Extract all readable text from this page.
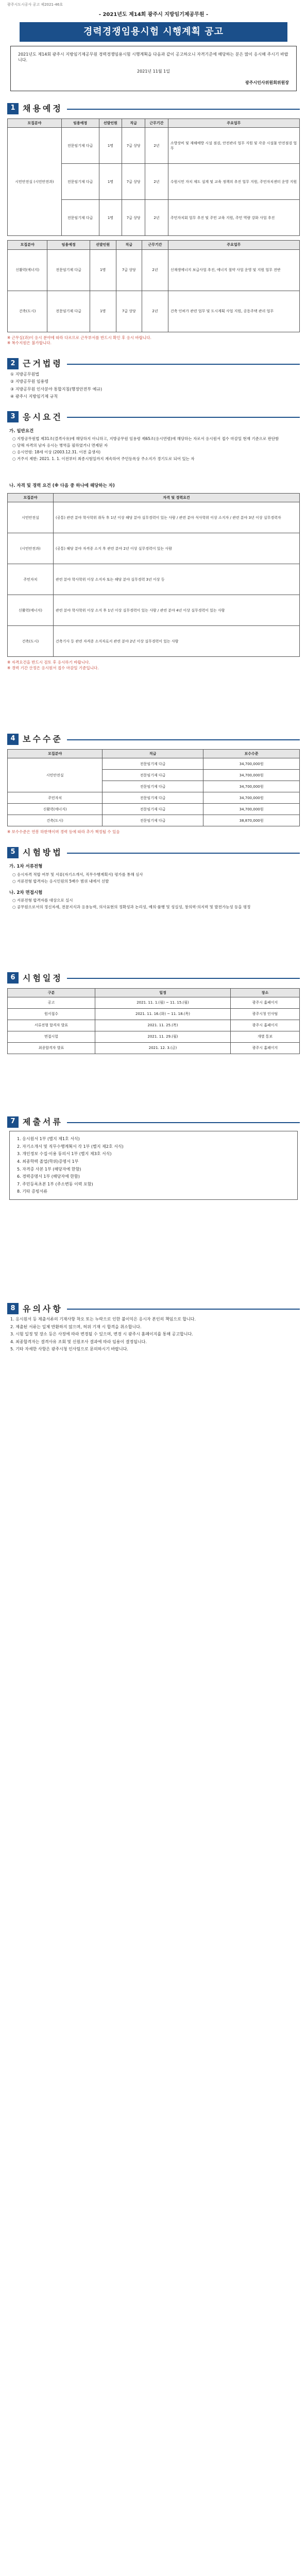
광주시도시공사 공고 제2021-46호
- 2021년도 제14회 광주시 지방임기제공무원 -
경력경쟁임용시험 시행계획 공고
2021년도 제14회 광주시 지방임기제공무원 경력경쟁임용시험 시행계획을 다음과 같이 공고하오니 자격기준에 해당하는 분은 많이 응시해 주시기 바랍니다.
2021년 11월 1일
광주시인사위원회위원장
1 채용예정
모집분야	임용예정	선발인원	직급	근무기간	주요업무
시민안전실 (시민안전과)	전문임기제 다급	1명	7급 상당	2년	소방장비 및 재해예방 시설 점검, 안전관리 업무 지원 및 각종 시설물 안전점검 업무
	전문임기제 다급	1명	7급 상당	2년	수원시민 자치 제도 설계 및 교육 정책의 추진 업무 지원, 주민자치센터 운영 지원
	전문임기제 다급	1명	7급 상당	2년	주민자치회 업무 추진 및 주민 교육 지원, 주민 역량 강화 사업 추진
모집분야	임용예정	선발인원	직급	근무기간	주요업무
신활력(에너지)	전문임기제 다급	1명	7급 상당	2년	신재생에너지 보급사업 추진, 에너지 절약 사업 운영 및 지원 업무 전반
건축(도시)	전문임기제 다급	1명	7급 상당	2년	건축 인허가 관련 업무 및 도시계획 사업 지원, 공동주택 관리 업무
※ 근무실(과)이 응시 분야에 따라 다르므로 근무부서를 반드시 확인 후 응시 바랍니다.
※ 복수지원은 불가합니다.
2 근거법령
① 지방공무원법
② 지방공무원 임용령
③ 지방공무원 인사분야 통합지침(행정안전부 예규)
④ 광주시 지방임기제 규칙
3 응시요건
가. 일반요건
○ 지방공무원법 제31조(결격사유)에 해당하지 아니하고, 지방공무원 임용령 제65조(응시연령)에 해당하는 자로서 응시원서 접수 마감일 현재 기준으로 판단함
○ 당해 자격의 남자 응시는 병역을 필하였거나 면제된 자
○ 응시연령: 18세 이상 (2003.12.31. 이전 출생자)
○ 거주지 제한: 2021. 1. 1. 이전부터 최종시험일까지 계속하여 주민등록상 주소지가 경기도로 되어 있는 자
나. 자격 및 경력 요건 (※ 다음 중 하나에 해당하는 자)
모집분야	자격 및 경력요건
시민안전실	(공통) 관련 분야 학사학위 취득 후 1년 이상 해당 분야 실무경력이 있는 사람 / 관련 분야 석사학위 이상 소지자 / 관련 분야 3년 이상 실무경력자
(시민안전과)	(공통) 해당 분야 자격증 소지 후 관련 분야 2년 이상 실무경력이 있는 사람
주민자치	관련 분야 학사학위 이상 소지자 또는 해당 분야 실무경력 3년 이상 등
신활력(에너지)	관련 분야 학사학위 이상 소지 후 1년 이상 실무경력이 있는 사람 / 관련 분야 4년 이상 실무경력이 있는 사람
건축(도시)	건축기사 등 관련 자격증 소지자로서 관련 분야 2년 이상 실무경력이 있는 사람
※ 자격요건을 반드시 검토 후 응시하기 바랍니다.
※ 경력 기간 산정은 응시원서 접수 마감일 기준입니다.
4 보수수준
모집분야	직급	보수수준
시민안전실	전문임기제 다급	34,700,000원
	전문임기제 다급	34,700,000원
	전문임기제 다급	34,700,000원
주민자치	전문임기제 다급	34,700,000원
신활력(에너지)	전문임기제 다급	34,700,000원
건축(도시)	전문임기제 다급	38,870,000원
※ 보수수준은 연봉 하한액이며 경력 등에 따라 추가 책정될 수 있음
5 시험방법
가. 1차 서류전형
○ 응시자격 적합 여부 및 서류(자기소개서, 직무수행계획서) 평가를 통해 심사
○ 서류전형 합격자는 응시인원의 5배수 범위 내에서 선발
나. 2차 면접시험
○ 서류전형 합격자를 대상으로 실시
○ 공무원으로서의 정신자세, 전문지식과 응용능력, 의사표현의 정확성과 논리성, 예의·품행 및 성실성, 창의력·의지력 및 발전가능성 등을 평정
6 시험일정
구분	일정	장소
공고	2021. 11. 1.(월) ~ 11. 15.(월)	광주시 홈페이지
원서접수	2021. 11. 16.(화) ~ 11. 18.(목)	광주시청 인사팀
서류전형 합격자 발표	2021. 11. 25.(목)	광주시 홈페이지
면접시험	2021. 11. 29.(월)	개별 통보
최종합격자 발표	2021. 12. 3.(금)	광주시 홈페이지
7 제출서류
1. 응시원서 1부 (별지 제1호 서식)
2. 자기소개서 및 직무수행계획서 각 1부 (별지 제2호 서식)
3. 개인정보 수집·이용 동의서 1부 (별지 제3호 서식)
4. 최종학력 졸업(학위)증명서 1부
5. 자격증 사본 1부 (해당자에 한함)
6. 경력증명서 1부 (해당자에 한함)
7. 주민등록초본 1부 (주소변동 이력 포함)
8. 기타 증빙서류
8 유의사항
1. 응시원서 등 제출서류의 기재사항 착오 또는 누락으로 인한 불이익은 응시자 본인의 책임으로 합니다.
2. 제출된 서류는 일체 반환하지 않으며, 허위 기재 시 합격을 취소합니다.
3. 시험 일정 및 장소 등은 사정에 따라 변경될 수 있으며, 변경 시 광주시 홈페이지를 통해 공고합니다.
4. 최종합격자는 결격사유 조회 및 신원조사 결과에 따라 임용이 결정됩니다.
5. 기타 자세한 사항은 광주시청 인사팀으로 문의하시기 바랍니다.
